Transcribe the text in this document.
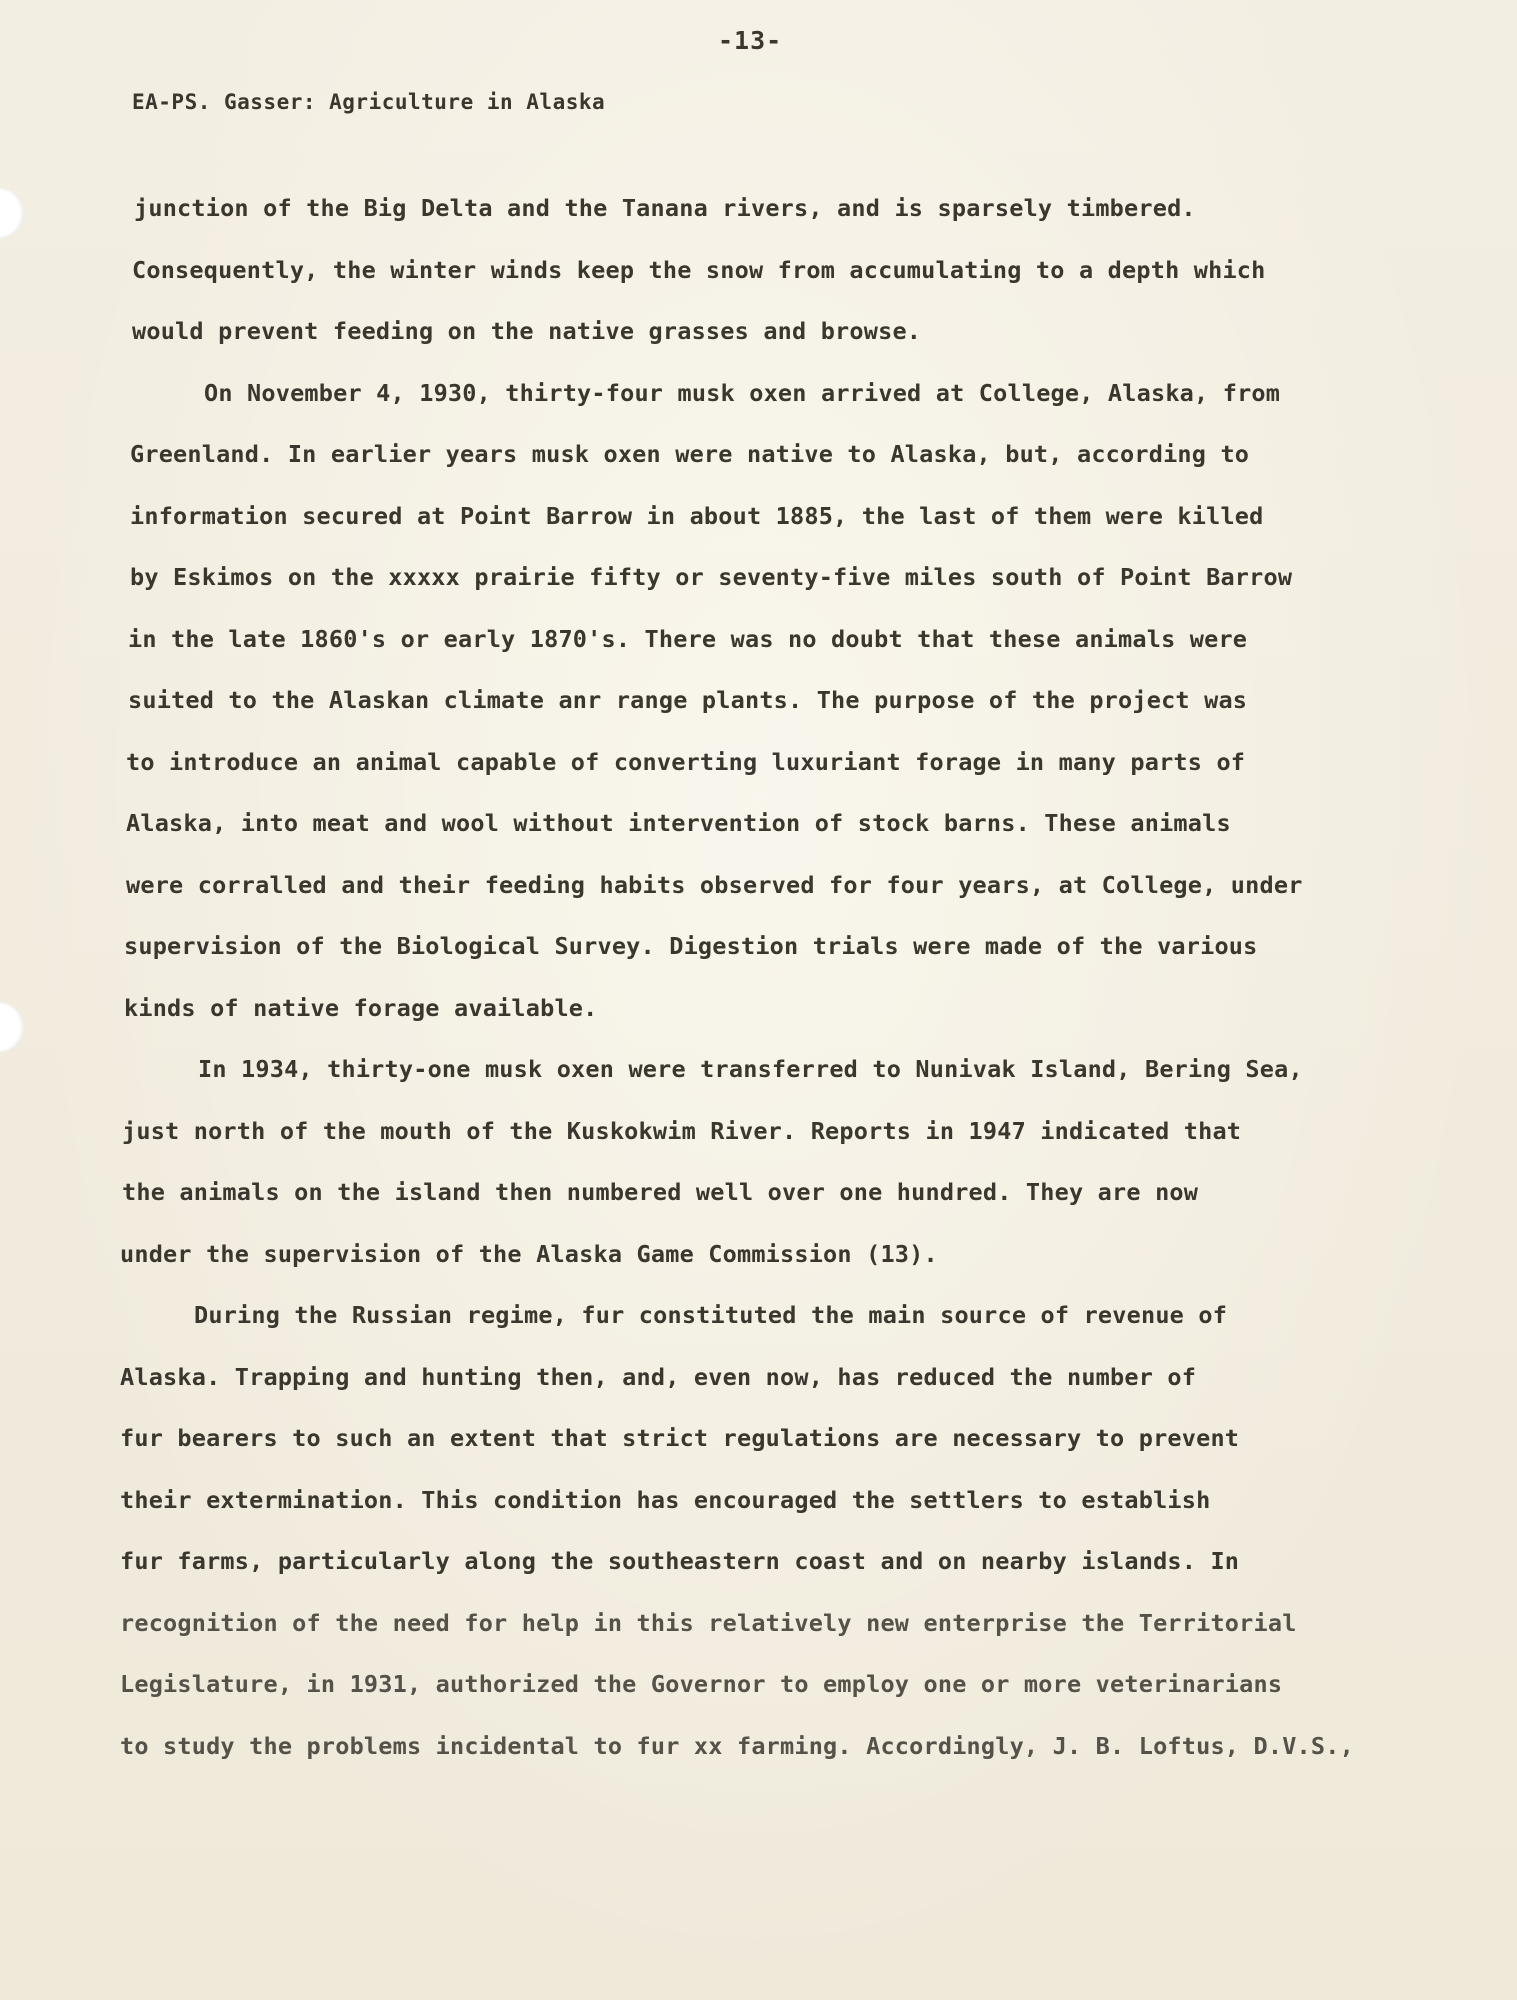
-13-
EA-PS. Gasser: Agriculture in Alaska
junction of the Big Delta and the Tanana rivers, and is sparsely timbered.
Consequently, the winter winds keep the snow from accumulating to a depth which
would prevent feeding on the native grasses and browse.
On November 4, 1930, thirty-four musk oxen arrived at College, Alaska, from
Greenland. In earlier years musk oxen were native to Alaska, but, according to
information secured at Point Barrow in about 1885, the last of them were killed
by Eskimos on the xxxxx prairie fifty or seventy-five miles south of Point Barrow
in the late 1860's or early 1870's. There was no doubt that these animals were
suited to the Alaskan climate anr range plants. The purpose of the project was
to introduce an animal capable of converting luxuriant forage in many parts of
Alaska, into meat and wool without intervention of stock barns. These animals
were corralled and their feeding habits observed for four years, at College, under
supervision of the Biological Survey. Digestion trials were made of the various
kinds of native forage available.
In 1934, thirty-one musk oxen were transferred to Nunivak Island, Bering Sea,
just north of the mouth of the Kuskokwim River. Reports in 1947 indicated that
the animals on the island then numbered well over one hundred. They are now
under the supervision of the Alaska Game Commission (13).
During the Russian regime, fur constituted the main source of revenue of
Alaska. Trapping and hunting then, and, even now, has reduced the number of
fur bearers to such an extent that strict regulations are necessary to prevent
their extermination. This condition has encouraged the settlers to establish
fur farms, particularly along the southeastern coast and on nearby islands. In
recognition of the need for help in this relatively new enterprise the Territorial
Legislature, in 1931, authorized the Governor to employ one or more veterinarians
to study the problems incidental to fur xx farming. Accordingly, J. B. Loftus, D.V.S.,
